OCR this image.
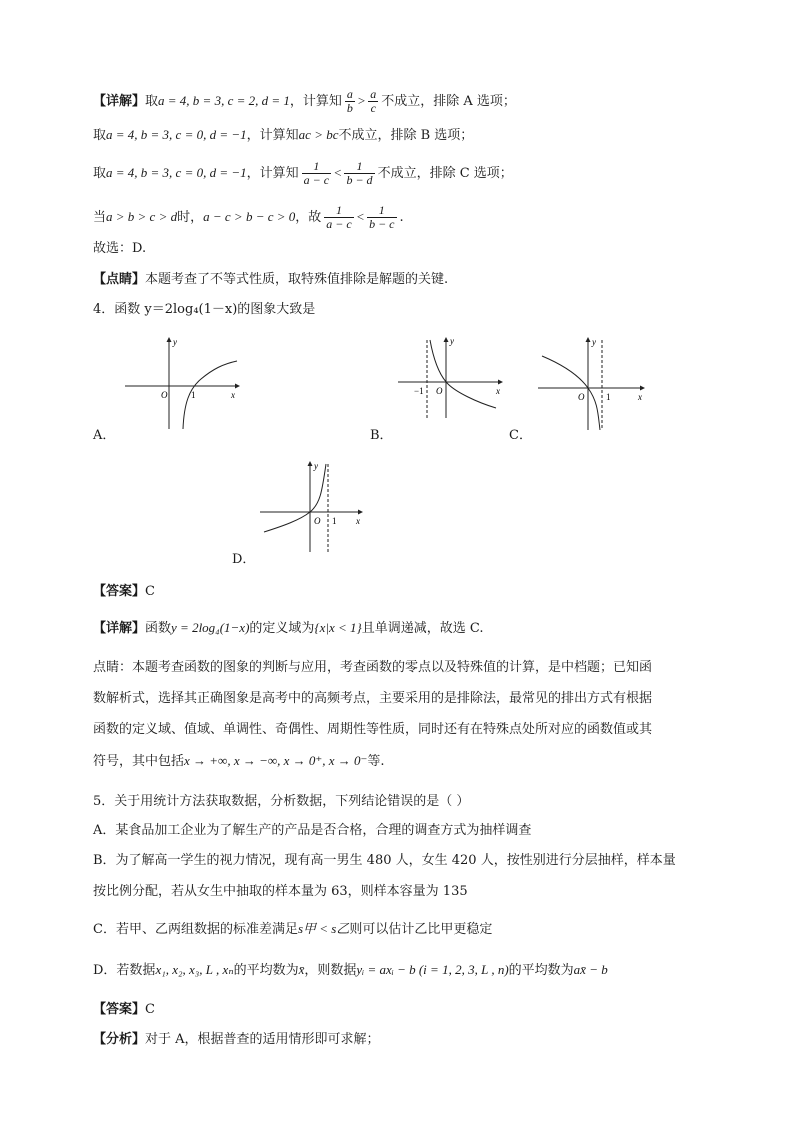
【详解】取a = 4, b = 3, c = 2, d = 1，计算知 $\frac{a}{b} > \frac{a}{c}$ 不成立，排除 A 选项；
取a = 4, b = 3, c = 0, d = −1，计算知ac > bc不成立，排除 B 选项；
取a = 4, b = 3, c = 0, d = −1，计算知 $\frac{1}{a - c} < \frac{1}{b - d}$ 不成立，排除 C 选项；
当a > b > c > d时，a − c > b − c > 0，故 $\frac{1}{a - c} < \frac{1}{b - c}$ .
故选：D.
【点睛】本题考查了不等式性质，取特殊值排除是解题的关键.
4．函数 y＝2log₄(1－x)的图象大致是
y
x
O	1
A．
y
x
O
−1
B．
y
x
O 1
C．
y
x
O 1
D．
【答案】C
【详解】函数y = 2log₄(1−x)的定义域为{x|x < 1}且单调递减，故选 C.
点睛：本题考查函数的图象的判断与应用，考查函数的零点以及特殊值的计算，是中档题；已知函
数解析式，选择其正确图象是高考中的高频考点，主要采用的是排除法，最常见的排出方式有根据
函数的定义域、值域、单调性、奇偶性、周期性等性质，同时还有在特殊点处所对应的函数值或其
符号，其中包括x → +∞, x → −∞, x → 0⁺, x → 0⁻等.
5．关于用统计方法获取数据，分析数据，下列结论错误的是（ ）
A．某食品加工企业为了解生产的产品是否合格，合理的调查方式为抽样调查
B．为了解高一学生的视力情况，现有高一男生 480 人，女生 420 人，按性别进行分层抽样，样本量
按比例分配，若从女生中抽取的样本量为 63，则样本容量为 135
C．若甲、乙两组数据的标准差满足s甲 < s乙则可以估计乙比甲更稳定
D．若数据x₁, x₂, x₃, L , xₙ的平均数为x̄，则数据yᵢ = axᵢ − b (i = 1, 2, 3, L , n)的平均数为ax̄ − b
【答案】C
【分析】对于 A，根据普查的适用情形即可求解；
